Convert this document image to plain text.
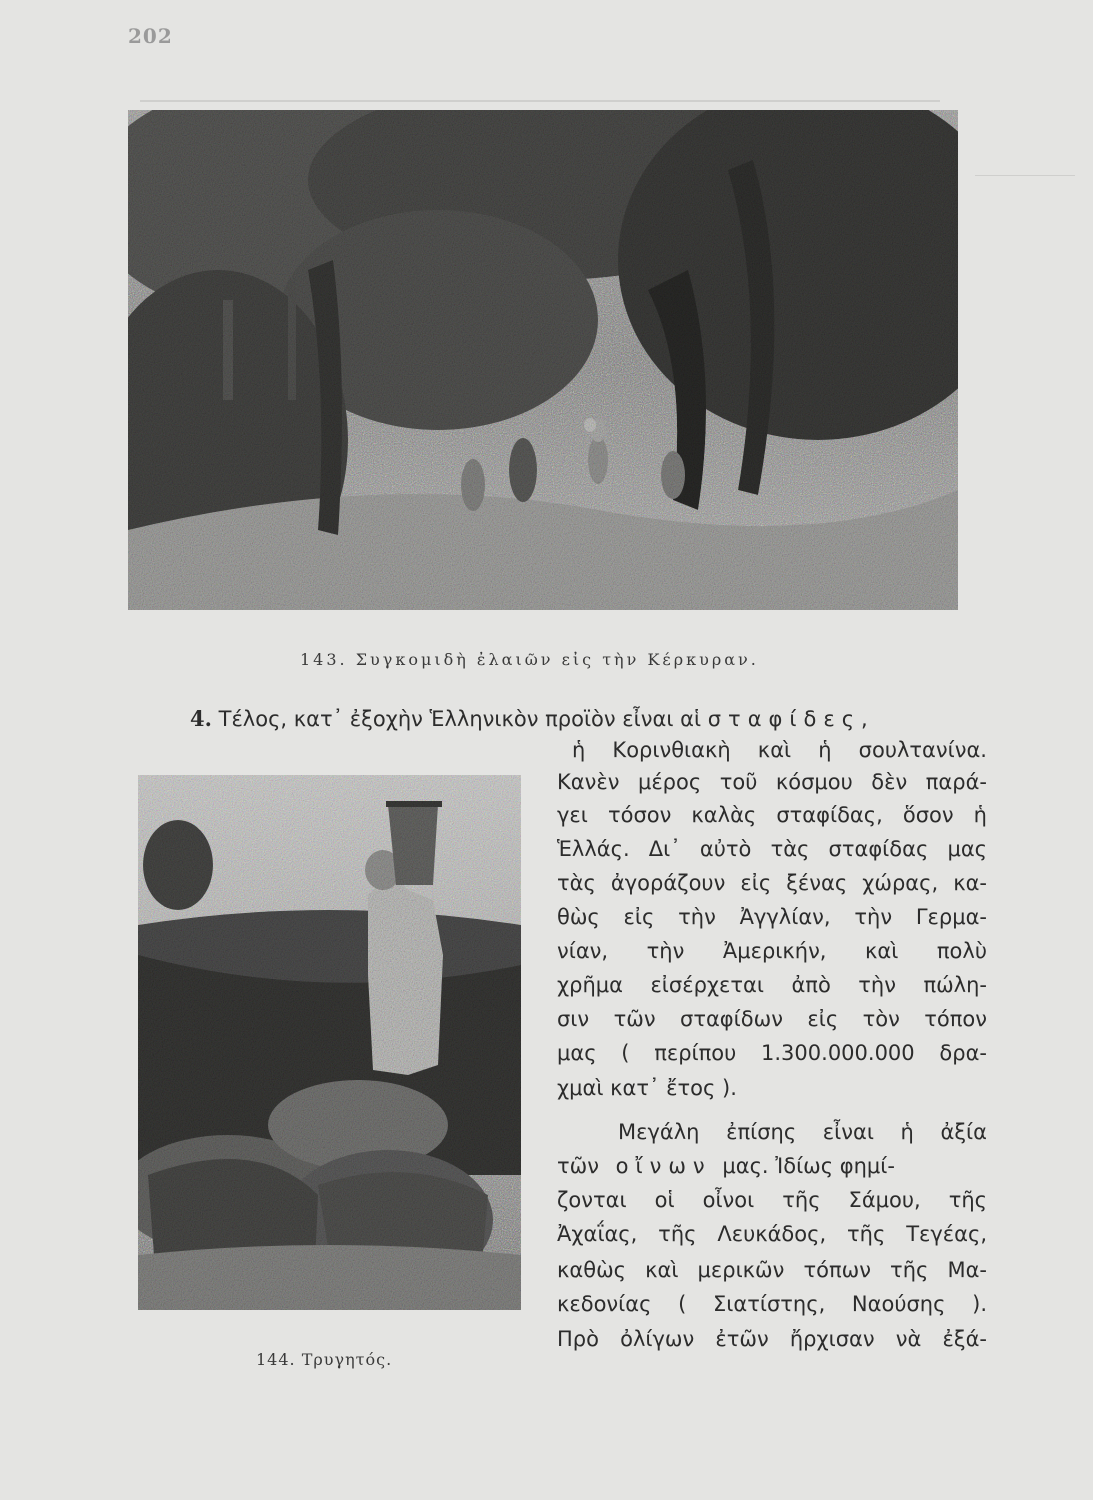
202
143. Συγκομιδὴ ἐλαιῶν εἰς τὴν Κέρκυραν.
4. Τέλος, κατ᾽ ἐξοχὴν Ἑλληνικὸν προϊὸν εἶναι αἱ σταφίδες,
ἡ Κορινθιακὴ καὶ ἡ σουλτανίνα.
Κανὲν μέρος τοῦ κόσμου δὲν παρά-
γει τόσον καλὰς σταφίδας, ὅσον ἡ
Ἑλλάς. Δι᾽ αὐτὸ τὰς σταφίδας μας
τὰς ἀγοράζουν εἰς ξένας χώρας, κα-
θὼς εἰς τὴν Ἀγγλίαν, τὴν Γερμα-
νίαν, τὴν Ἀμερικήν, καὶ πολὺ
χρῆμα εἰσέρχεται ἀπὸ τὴν πώλη-
σιν τῶν σταφίδων εἰς τὸν τόπον
μας ( περίπου 1.300.000.000 δρα-
χμαὶ κατ᾽ ἔτος ).
Μεγάλη ἐπίσης εἶναι ἡ ἀξία
τῶν οἴνων μας. Ἰδίως φημί-
ζονται οἱ οἶνοι τῆς Σάμου, τῆς
Ἀχαΐας, τῆς Λευκάδος, τῆς Τεγέας,
καθὼς καὶ μερικῶν τόπων τῆς Μα-
κεδονίας ( Σιατίστης, Ναούσης ).
Πρὸ ὀλίγων ἐτῶν ἤρχισαν νὰ ἐξά-
144. Τρυγητός.
